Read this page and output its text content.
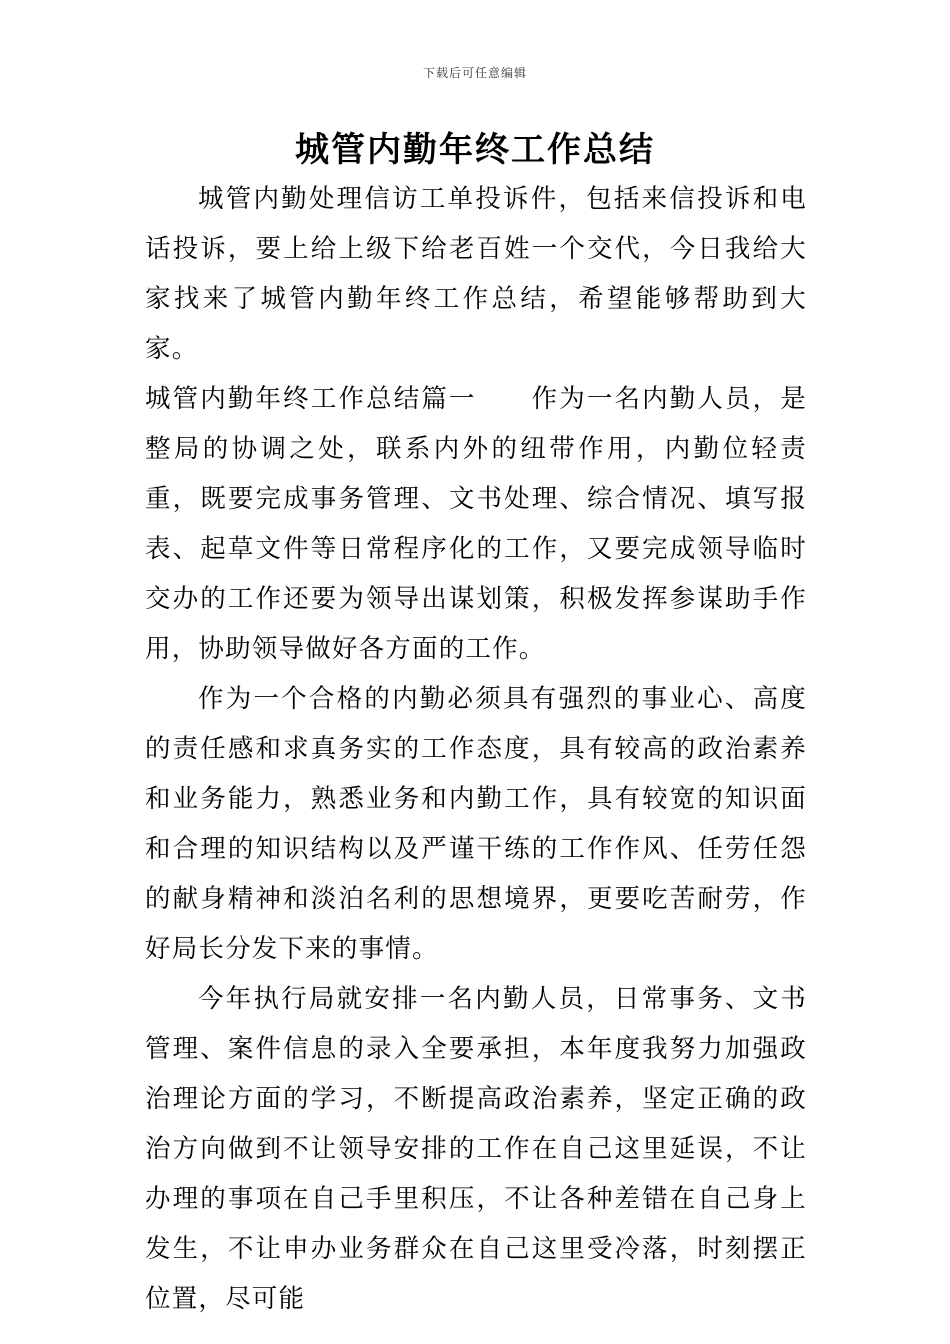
下载后可任意编辑
城管内勤年终工作总结

城管内勤处理信访工单投诉件，包括来信投诉和电话投诉，要上给上级下给老百姓一个交代，今日我给大家找来了城管内勤年终工作总结，希望能够帮助到大家。

城管内勤年终工作总结篇一 作为一名内勤人员，是整局的协调之处，联系内外的纽带作用，内勤位轻责重，既要完成事务管理、文书处理、综合情况、填写报表、起草文件等日常程序化的工作，又要完成领导临时交办的工作还要为领导出谋划策，积极发挥参谋助手作用，协助领导做好各方面的工作。

作为一个合格的内勤必须具有强烈的事业心、高度的责任感和求真务实的工作态度，具有较高的政治素养和业务能力，熟悉业务和内勤工作，具有较宽的知识面和合理的知识结构以及严谨干练的工作作风、任劳任怨的献身精神和淡泊名利的思想境界，更要吃苦耐劳，作好局长分发下来的事情。

今年执行局就安排一名内勤人员，日常事务、文书管理、案件信息的录入全要承担，本年度我努力加强政治理论方面的学习，不断提高政治素养，坚定正确的政治方向做到不让领导安排的工作在自己这里延误，不让办理的事项在自己手里积压，不让各种差错在自己身上发生，不让申办业务群众在自己这里受冷落，时刻摆正位置，尽可能
